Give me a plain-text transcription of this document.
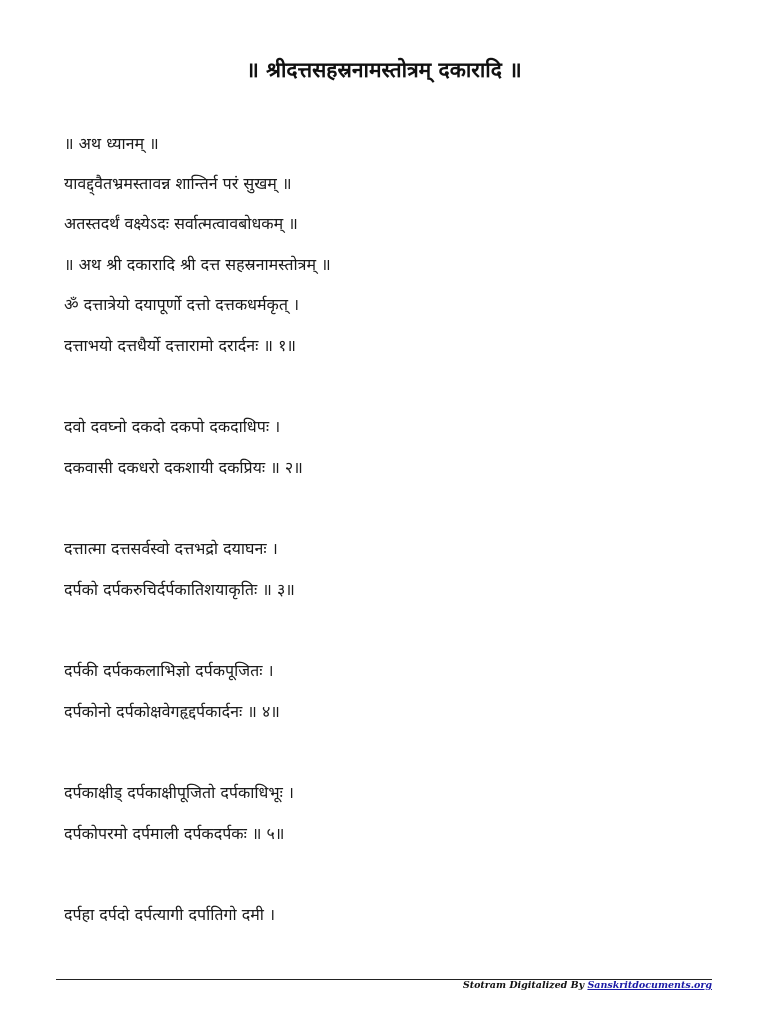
॥ श्रीदत्तसहस्रनामस्तोत्रम् दकारादि ॥
॥ अथ ध्यानम् ॥
यावद्द्वैतभ्रमस्तावन्न शान्तिर्न परं सुखम् ॥
अतस्तदर्थं वक्ष्येऽदः सर्वात्मत्वावबोधकम् ॥
॥ अथ श्री दकारादि श्री दत्त सहस्रनामस्तोत्रम् ॥
ॐ दत्तात्रेयो दयापूर्णो दत्तो दत्तकधर्मकृत् ।
दत्ताभयो दत्तधैर्यो दत्तारामो दरार्दनः ॥ १॥
दवो दवघ्नो दकदो दकपो दकदाधिपः ।
दकवासी दकधरो दकशायी दकप्रियः ॥ २॥
दत्तात्मा दत्तसर्वस्वो दत्तभद्रो दयाघनः ।
दर्पको दर्पकरुचिर्दर्पकातिशयाकृतिः ॥ ३॥
दर्पकी दर्पककलाभिज्ञो दर्पकपूजितः ।
दर्पकोनो दर्पकोक्षवेगहृद्दर्पकार्दनः ॥ ४॥
दर्पकाक्षीड् दर्पकाक्षीपूजितो दर्पकाधिभूः ।
दर्पकोपरमो दर्पमाली दर्पकदर्पकः ॥ ५॥
दर्पहा दर्पदो दर्पत्यागी दर्पातिगो दमी ।
Stotram Digitalized By Sanskritdocuments.org
